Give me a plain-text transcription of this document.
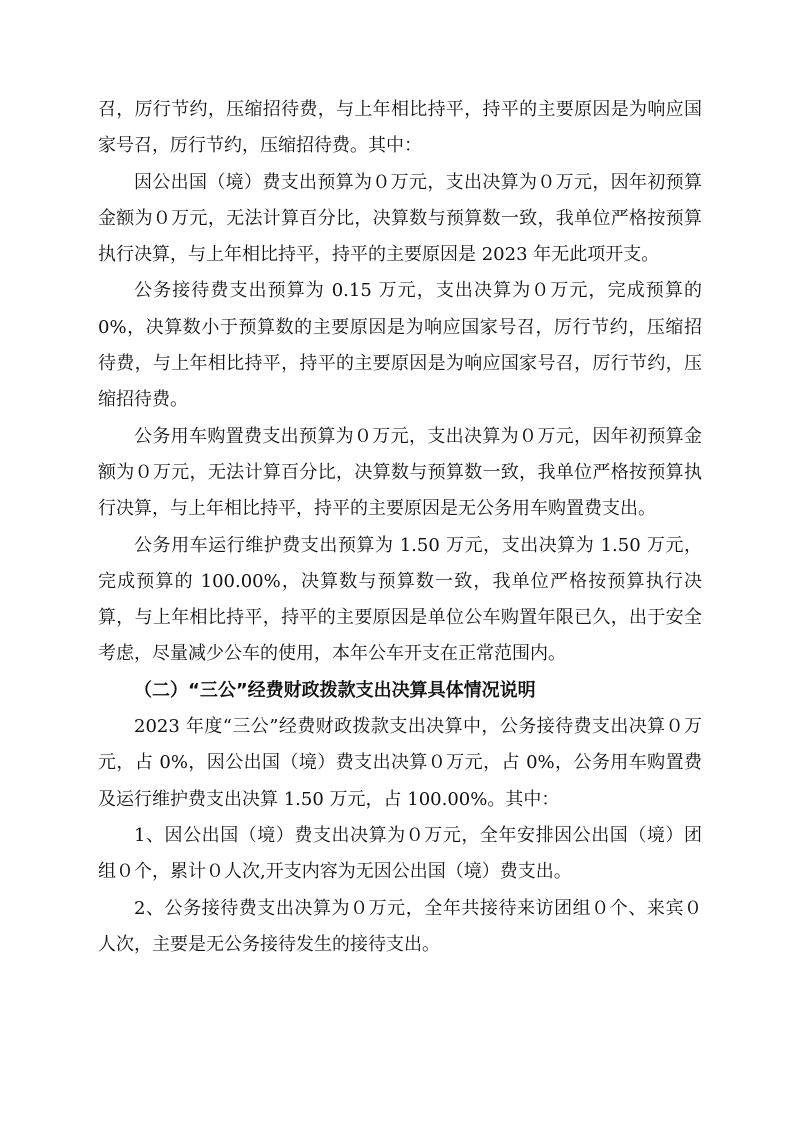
召，厉行节约，压缩招待费，与上年相比持平，持平的主要原因是为响应国家号召，厉行节约，压缩招待费。其中：

因公出国（境）费支出预算为０万元，支出决算为０万元，因年初预算金额为０万元，无法计算百分比，决算数与预算数一致，我单位严格按预算执行决算，与上年相比持平，持平的主要原因是 2023 年无此项开支。

公务接待费支出预算为 0.15 万元，支出决算为０万元，完成预算的 0%，决算数小于预算数的主要原因是为响应国家号召，厉行节约，压缩招待费，与上年相比持平，持平的主要原因是为响应国家号召，厉行节约，压缩招待费。

公务用车购置费支出预算为０万元，支出决算为０万元，因年初预算金额为０万元，无法计算百分比，决算数与预算数一致，我单位严格按预算执行决算，与上年相比持平，持平的主要原因是无公务用车购置费支出。

公务用车运行维护费支出预算为 1.50 万元，支出决算为 1.50 万元，完成预算的 100.00%，决算数与预算数一致，我单位严格按预算执行决算，与上年相比持平，持平的主要原因是单位公车购置年限已久，出于安全考虑，尽量减少公车的使用，本年公车开支在正常范围内。

（二）“三公”经费财政拨款支出决算具体情况说明

2023 年度“三公”经费财政拨款支出决算中，公务接待费支出决算０万元，占 0%，因公出国（境）费支出决算０万元，占 0%，公务用车购置费及运行维护费支出决算 1.50 万元，占 100.00%。其中：

1、因公出国（境）费支出决算为０万元，全年安排因公出国（境）团组０个，累计０人次,开支内容为无因公出国（境）费支出。

2、公务接待费支出决算为０万元，全年共接待来访团组０个、来宾０人次，主要是无公务接待发生的接待支出。
